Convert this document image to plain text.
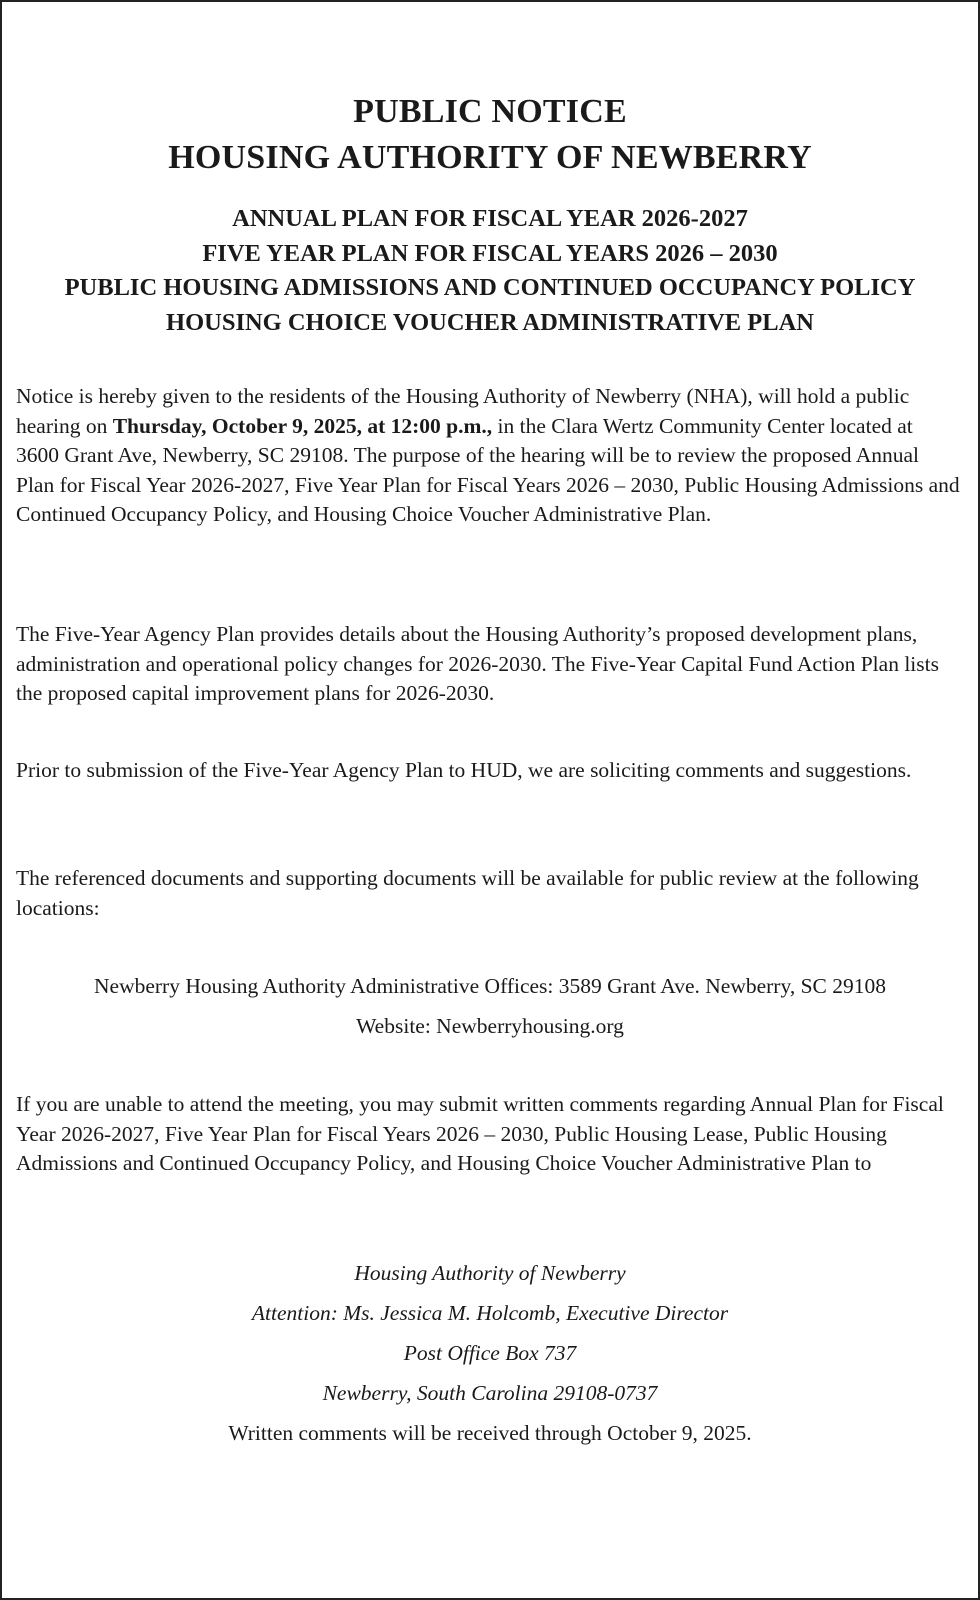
PUBLIC NOTICE
HOUSING AUTHORITY OF NEWBERRY
ANNUAL PLAN FOR FISCAL YEAR 2026-2027
FIVE YEAR PLAN FOR FISCAL YEARS 2026 – 2030
PUBLIC HOUSING ADMISSIONS AND CONTINUED OCCUPANCY POLICY
HOUSING CHOICE VOUCHER ADMINISTRATIVE PLAN

Notice is hereby given to the residents of the Housing Authority of Newberry (NHA), will hold a public hearing on Thursday, October 9, 2025, at 12:00 p.m., in the Clara Wertz Community Center located at 3600 Grant Ave, Newberry, SC 29108. The purpose of the hearing will be to review the proposed Annual Plan for Fiscal Year 2026-2027, Five Year Plan for Fiscal Years 2026 – 2030, Public Housing Admissions and Continued Occupancy Policy, and Housing Choice Voucher Administrative Plan.

The Five-Year Agency Plan provides details about the Housing Authority’s proposed development plans, administration and operational policy changes for 2026-2030. The Five-Year Capital Fund Action Plan lists the proposed capital improvement plans for 2026-2030.

Prior to submission of the Five-Year Agency Plan to HUD, we are soliciting comments and suggestions.

The referenced documents and supporting documents will be available for public review at the following locations:

Newberry Housing Authority Administrative Offices: 3589 Grant Ave. Newberry, SC 29108
Website: Newberryhousing.org

If you are unable to attend the meeting, you may submit written comments regarding Annual Plan for Fiscal Year 2026-2027, Five Year Plan for Fiscal Years 2026 – 2030, Public Housing Lease, Public Housing Admissions and Continued Occupancy Policy, and Housing Choice Voucher Administrative Plan to

Housing Authority of Newberry
Attention: Ms. Jessica M. Holcomb, Executive Director
Post Office Box 737
Newberry, South Carolina 29108-0737
Written comments will be received through October 9, 2025.
